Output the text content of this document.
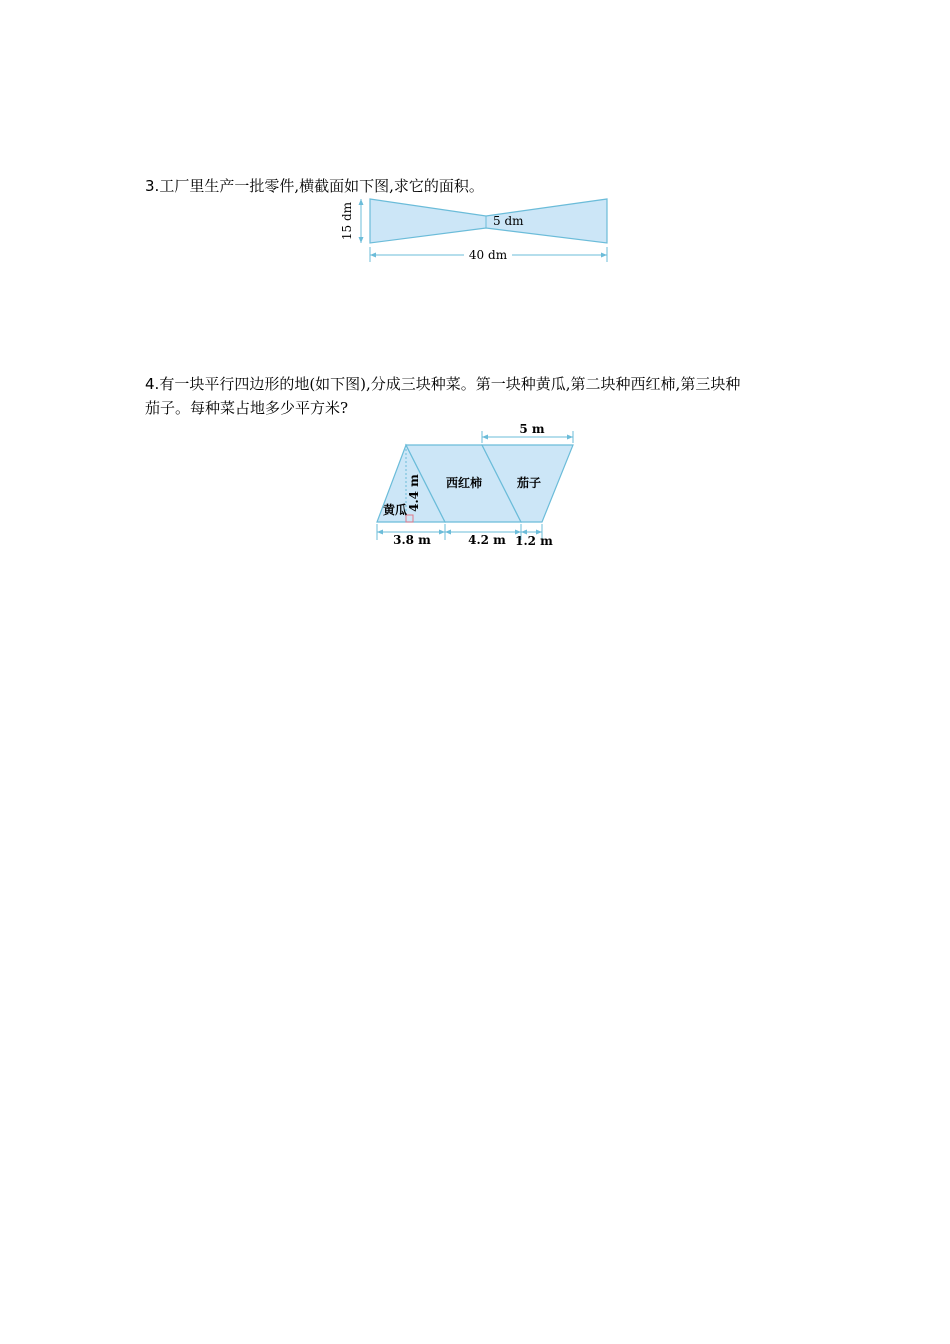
3.工厂里生产一批零件,横截面如下图,求它的面积。
15 dm	5 dm
40 dm
4.有一块平行四边形的地(如下图),分成三块种菜。第一块种黄瓜,第二块种西红柿,第三块种
茄子。每种菜占地多少平方米?
4.4 m
黄瓜
西红柿	茄子
5 m
3.8 m	4.2 m 1.2 m
